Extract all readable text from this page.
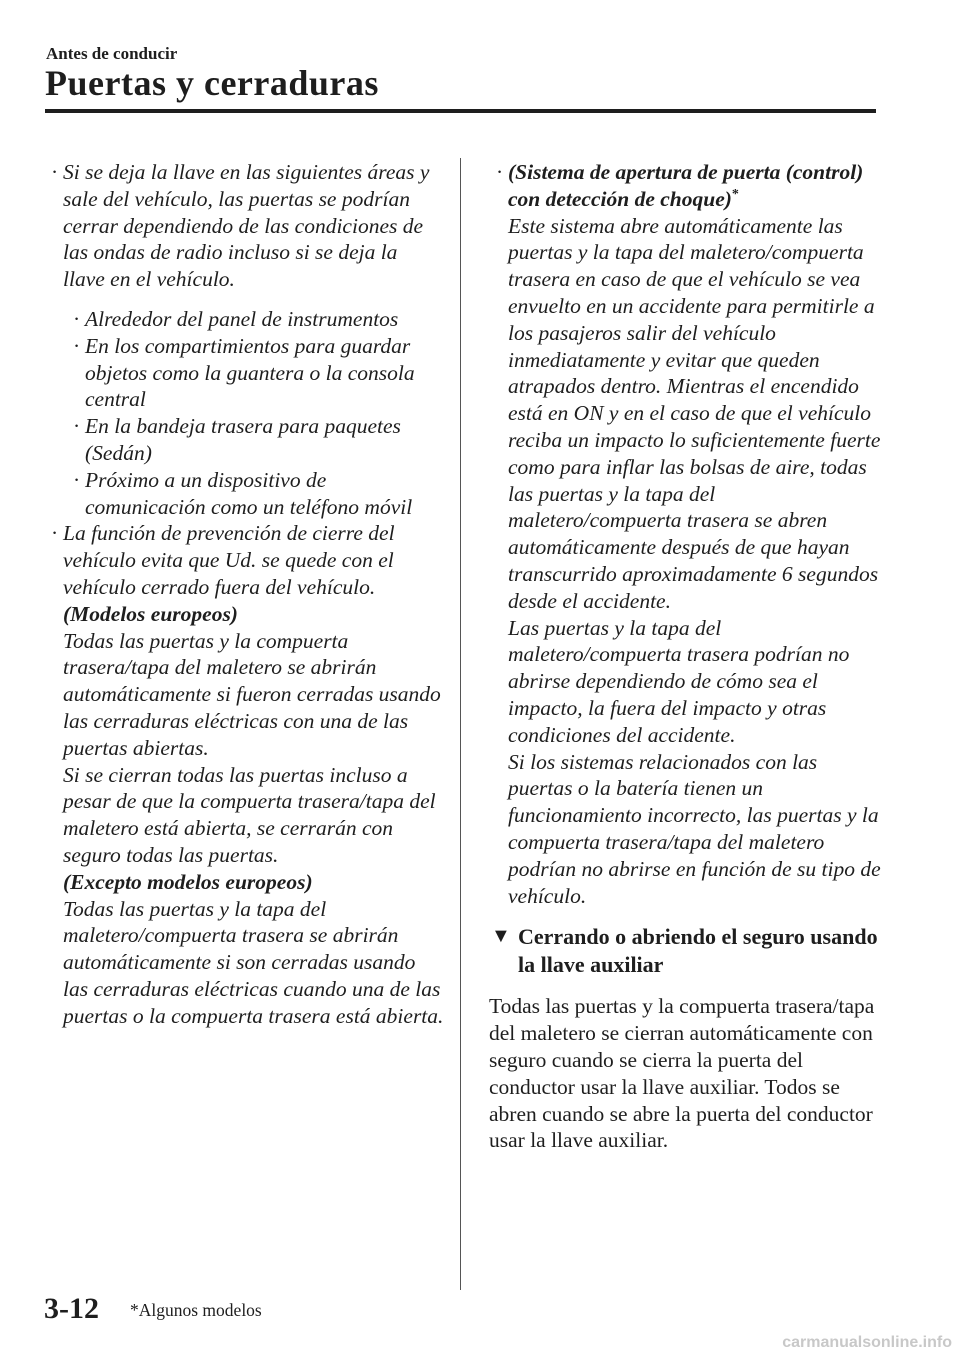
Antes de conducir
Puertas y cerraduras
· Si se deja la llave en las siguientes áreas y sale del vehículo, las puertas se podrían cerrar dependiendo de las condiciones de las ondas de radio incluso si se deja la llave en el vehículo.
· Alrededor del panel de instrumentos
· En los compartimientos para guardar objetos como la guantera o la consola central
· En la bandeja trasera para paquetes (Sedán)
· Próximo a un dispositivo de comunicación como un teléfono móvil
· La función de prevención de cierre del vehículo evita que Ud. se quede con el vehículo cerrado fuera del vehículo.
(Modelos europeos)
Todas las puertas y la compuerta trasera/tapa del maletero se abrirán automáticamente si fueron cerradas usando las cerraduras eléctricas con una de las puertas abiertas.
Si se cierran todas las puertas incluso a pesar de que la compuerta trasera/tapa del maletero está abierta, se cerrarán con seguro todas las puertas.
(Excepto modelos europeos)
Todas las puertas y la tapa del maletero/compuerta trasera se abrirán automáticamente si son cerradas usando las cerraduras eléctricas cuando una de las puertas o la compuerta trasera está abierta.
· (Sistema de apertura de puerta (control) con detección de choque)*
Este sistema abre automáticamente las puertas y la tapa del maletero/compuerta trasera en caso de que el vehículo se vea envuelto en un accidente para permitirle a los pasajeros salir del vehículo inmediatamente y evitar que queden atrapados dentro. Mientras el encendido está en ON y en el caso de que el vehículo reciba un impacto lo suficientemente fuerte como para inflar las bolsas de aire, todas las puertas y la tapa del maletero/compuerta trasera se abren automáticamente después de que hayan transcurrido aproximadamente 6 segundos desde el accidente.
Las puertas y la tapa del maletero/compuerta trasera podrían no abrirse dependiendo de cómo sea el impacto, la fuera del impacto y otras condiciones del accidente.
Si los sistemas relacionados con las puertas o la batería tienen un funcionamiento incorrecto, las puertas y la compuerta trasera/tapa del maletero podrían no abrirse en función de su tipo de vehículo.
▼ Cerrando o abriendo el seguro usando la llave auxiliar
Todas las puertas y la compuerta trasera/tapa del maletero se cierran automáticamente con seguro cuando se cierra la puerta del conductor usar la llave auxiliar. Todos se abren cuando se abre la puerta del conductor usar la llave auxiliar.
3-12 *Algunos modelos
carmanualsonline.info
